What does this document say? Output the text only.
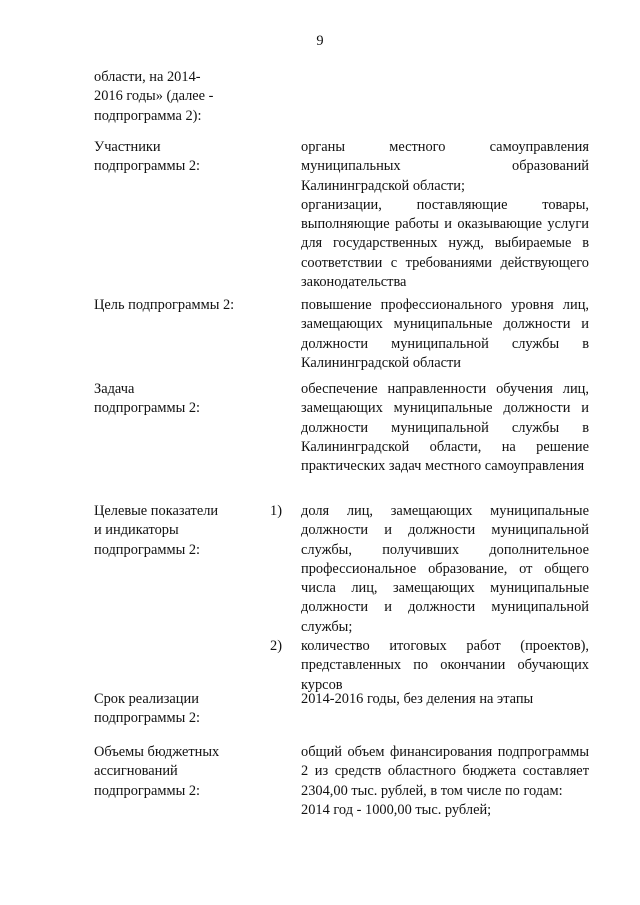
9

области, на 2014-

2016 годы» (далее -

подпрограмма 2):

Участники
подпрограммы 2:

органы местного самоуправления муниципальных образований Калининградской области;

организации, поставляющие товары, выполняющие работы и оказывающие услуги для государственных нужд, выбираемые в соответствии с требованиями действующего законодательства

Цель подпрограммы 2:	повышение профессионального уровня лиц, замещающих муниципальные должности и должности муниципальной службы в Калининградской области

Задача
подпрограммы 2:

обеспечение направленности обучения лиц, замещающих муниципальные должности и должности муниципальной службы в Калининградской области, на решение практических задач местного самоуправления

Целевые показатели
и индикаторы
подпрограммы 2:
1) доля лиц, замещающих муниципальные должности и должности муниципальной службы, получивших дополнительное профессиональное образование, от общего числа лиц, замещающих муниципальные должности и должности муниципальной службы;

2) количество итоговых работ (проектов), представленных по окончании обучающих курсов

Срок реализации
подпрограммы 2:

2014-2016 годы, без деления на этапы

Объемы бюджетных
ассигнований
подпрограммы 2:

общий объем финансирования подпрограммы 2 из средств областного бюджета составляет 2304,00 тыс. рублей, в том числе по годам:

2014 год - 1000,00 тыс. рублей;
